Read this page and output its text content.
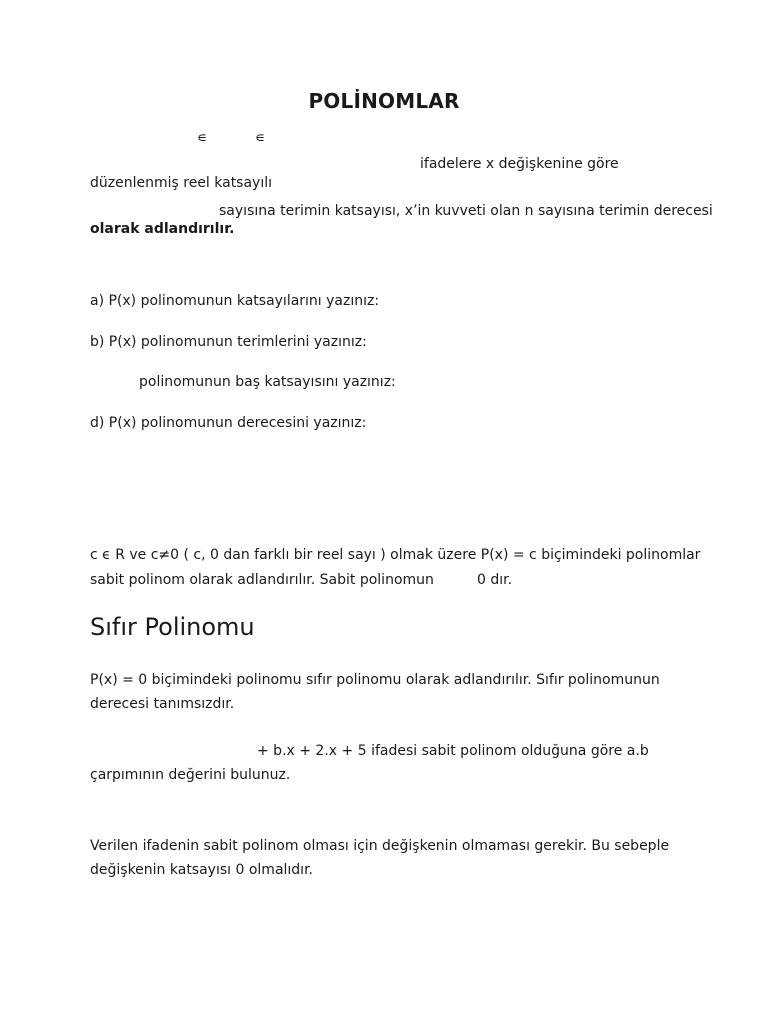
POLİNOMLAR
∊	∊
ifadelere x değişkenine göre
düzenlenmiş reel katsayılı
sayısına terimin katsayısı, x’in kuvveti olan n sayısına terimin derecesi
olarak adlandırılır.
a) P(x) polinomunun katsayılarını yazınız:
b) P(x) polinomunun terimlerini yazınız:
polinomunun baş katsayısını yazınız:
d) P(x) polinomunun derecesini yazınız:
c ϵ R ve c≠0 ( c, 0 dan farklı bir reel sayı ) olmak üzere P(x) = c biçimindeki polinomlar
sabit polinom olarak adlandırılır. Sabit polinomun	0 dır.
Sıfır Polinomu
P(x) = 0 biçimindeki polinomu sıfır polinomu olarak adlandırılır. Sıfır polinomunun
derecesi tanımsızdır.
+ b.x + 2.x + 5 ifadesi sabit polinom olduğuna göre a.b
çarpımının değerini bulunuz.
Verilen ifadenin sabit polinom olması için değişkenin olmaması gerekir. Bu sebeple
değişkenin katsayısı 0 olmalıdır.
